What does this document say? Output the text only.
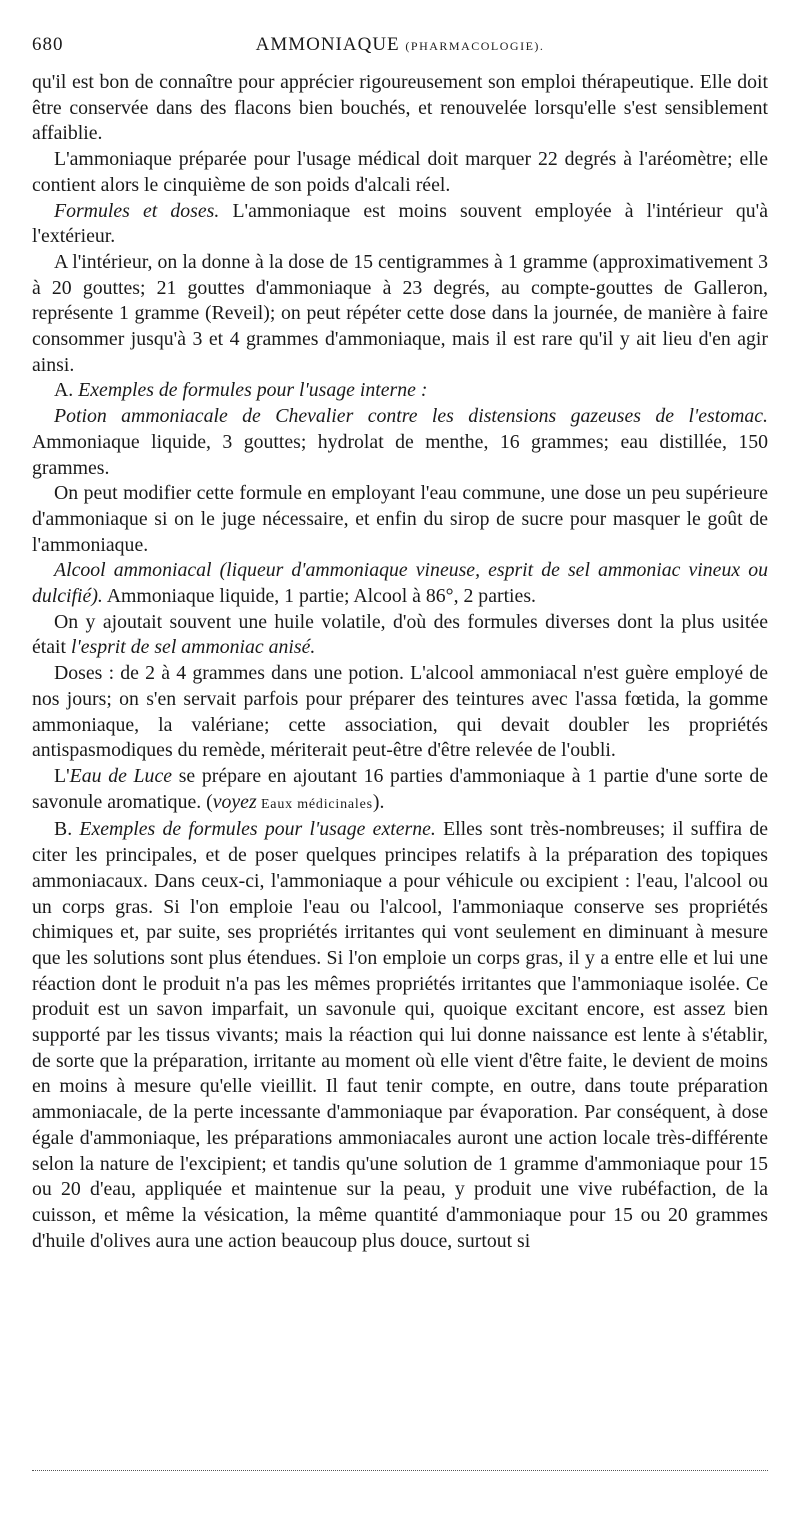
680	AMMONIAQUE (PHARMACOLOGIE).

qu'il est bon de connaître pour apprécier rigoureusement son emploi thérapeutique. Elle doit être conservée dans des flacons bien bouchés, et renouvelée lorsqu'elle s'est sensiblement affaiblie.

L'ammoniaque préparée pour l'usage médical doit marquer 22 degrés à l'aréomètre; elle contient alors le cinquième de son poids d'alcali réel.

Formules et doses. L'ammoniaque est moins souvent employée à l'intérieur qu'à l'extérieur.

A l'intérieur, on la donne à la dose de 15 centigrammes à 1 gramme (approximativement 3 à 20 gouttes; 21 gouttes d'ammoniaque à 23 degrés, au compte-gouttes de Galleron, représente 1 gramme (Reveil); on peut répéter cette dose dans la journée, de manière à faire consommer jusqu'à 3 et 4 grammes d'ammoniaque, mais il est rare qu'il y ait lieu d'en agir ainsi.

A. Exemples de formules pour l'usage interne :

Potion ammoniacale de Chevalier contre les distensions gazeuses de l'estomac. Ammoniaque liquide, 3 gouttes; hydrolat de menthe, 16 grammes; eau distillée, 150 grammes.

On peut modifier cette formule en employant l'eau commune, une dose un peu supérieure d'ammoniaque si on le juge nécessaire, et enfin du sirop de sucre pour masquer le goût de l'ammoniaque.

Alcool ammoniacal (liqueur d'ammoniaque vineuse, esprit de sel ammoniac vineux ou dulcifié). Ammoniaque liquide, 1 partie; Alcool à 86°, 2 parties.

On y ajoutait souvent une huile volatile, d'où des formules diverses dont la plus usitée était l'esprit de sel ammoniac anisé.

Doses : de 2 à 4 grammes dans une potion. L'alcool ammoniacal n'est guère employé de nos jours; on s'en servait parfois pour préparer des teintures avec l'assa fœtida, la gomme ammoniaque, la valériane; cette association, qui devait doubler les propriétés antispasmodiques du remède, mériterait peut-être d'être relevée de l'oubli.

L'Eau de Luce se prépare en ajoutant 16 parties d'ammoniaque à 1 partie d'une sorte de savonule aromatique. (voyez Eaux médicinales).

B. Exemples de formules pour l'usage externe. Elles sont très-nombreuses; il suffira de citer les principales, et de poser quelques principes relatifs à la préparation des topiques ammoniacaux. Dans ceux-ci, l'ammoniaque a pour véhicule ou excipient : l'eau, l'alcool ou un corps gras. Si l'on emploie l'eau ou l'alcool, l'ammoniaque conserve ses propriétés chimiques et, par suite, ses propriétés irritantes qui vont seulement en diminuant à mesure que les solutions sont plus étendues. Si l'on emploie un corps gras, il y a entre elle et lui une réaction dont le produit n'a pas les mêmes propriétés irritantes que l'ammoniaque isolée. Ce produit est un savon imparfait, un savonule qui, quoique excitant encore, est assez bien supporté par les tissus vivants; mais la réaction qui lui donne naissance est lente à s'établir, de sorte que la préparation, irritante au moment où elle vient d'être faite, le devient de moins en moins à mesure qu'elle vieillit. Il faut tenir compte, en outre, dans toute préparation ammoniacale, de la perte incessante d'ammoniaque par évaporation. Par conséquent, à dose égale d'ammoniaque, les préparations ammoniacales auront une action locale très-différente selon la nature de l'excipient; et tandis qu'une solution de 1 gramme d'ammoniaque pour 15 ou 20 d'eau, appliquée et maintenue sur la peau, y produit une vive rubéfaction, de la cuisson, et même la vésication, la même quantité d'ammoniaque pour 15 ou 20 grammes d'huile d'olives aura une action beaucoup plus douce, surtout si
